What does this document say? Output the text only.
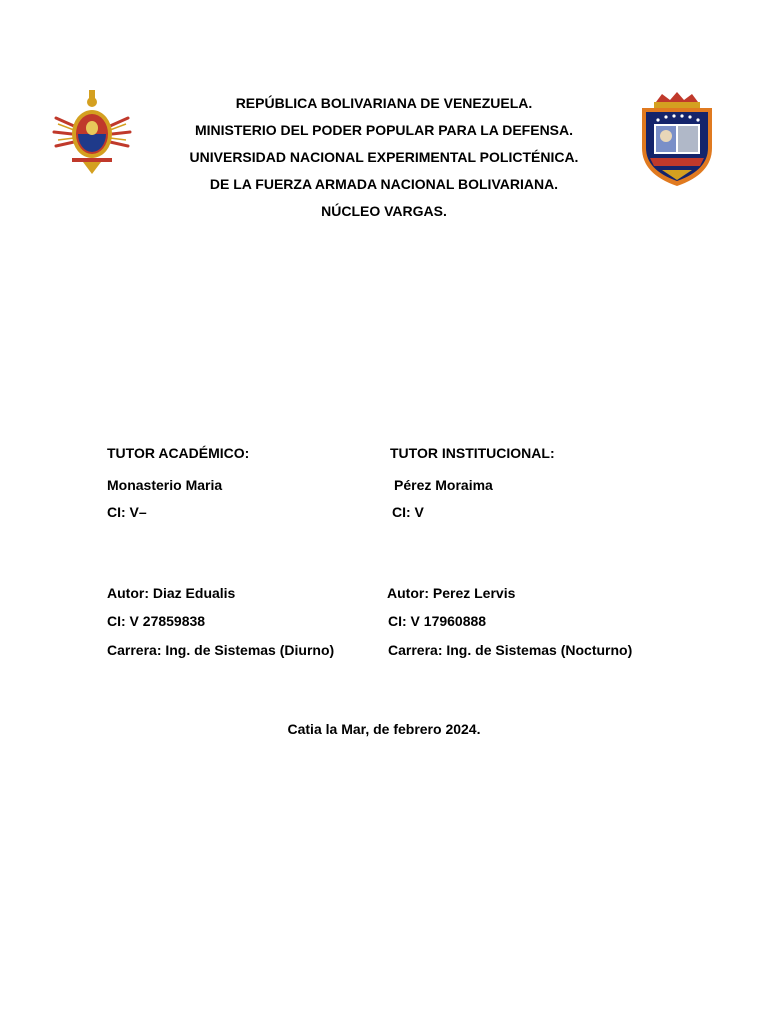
REPÚBLICA BOLIVARIANA DE VENEZUELA.
MINISTERIO DEL PODER POPULAR PARA LA DEFENSA.
UNIVERSIDAD NACIONAL EXPERIMENTAL POLICTÉNICA.
DE LA FUERZA ARMADA NACIONAL BOLIVARIANA.
NÚCLEO VARGAS.
TUTOR ACADÉMICO:	TUTOR INSTITUCIONAL:
Monasterio Maria	Pérez Moraima
CI: V–	CI: V
Autor: Diaz Edualis	Autor: Perez Lervis
CI: V 27859838	CI: V 17960888
Carrera: Ing. de Sistemas (Diurno)	Carrera: Ing. de Sistemas (Nocturno)
Catia la Mar, de febrero 2024.
